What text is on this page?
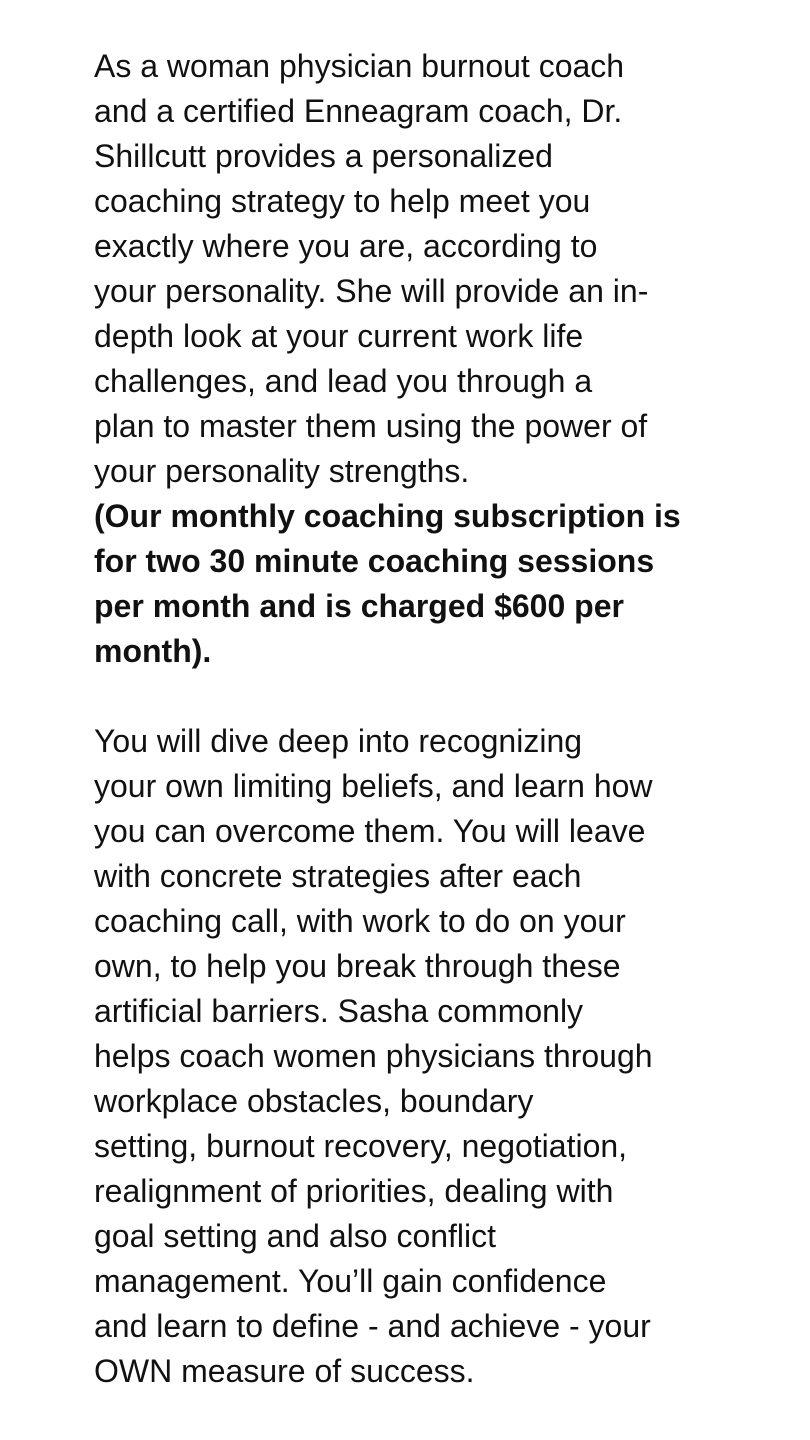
As a woman physician burnout coach
and a certified Enneagram coach, Dr.
Shillcutt provides a personalized
coaching strategy to help meet you
exactly where you are, according to
your personality. She will provide an in-
depth look at your current work life
challenges, and lead you through a
plan to master them using the power of
your personality strengths.

(Our monthly coaching subscription is
for two 30 minute coaching sessions
per month and is charged $600 per
month).

You will dive deep into recognizing
your own limiting beliefs, and learn how
you can overcome them. You will leave
with concrete strategies after each
coaching call, with work to do on your
own, to help you break through these
artificial barriers. Sasha commonly
helps coach women physicians through
workplace obstacles, boundary
setting, burnout recovery, negotiation,
realignment of priorities, dealing with
goal setting and also conflict
management. You’ll gain confidence
and learn to define - and achieve - your
OWN measure of success.
